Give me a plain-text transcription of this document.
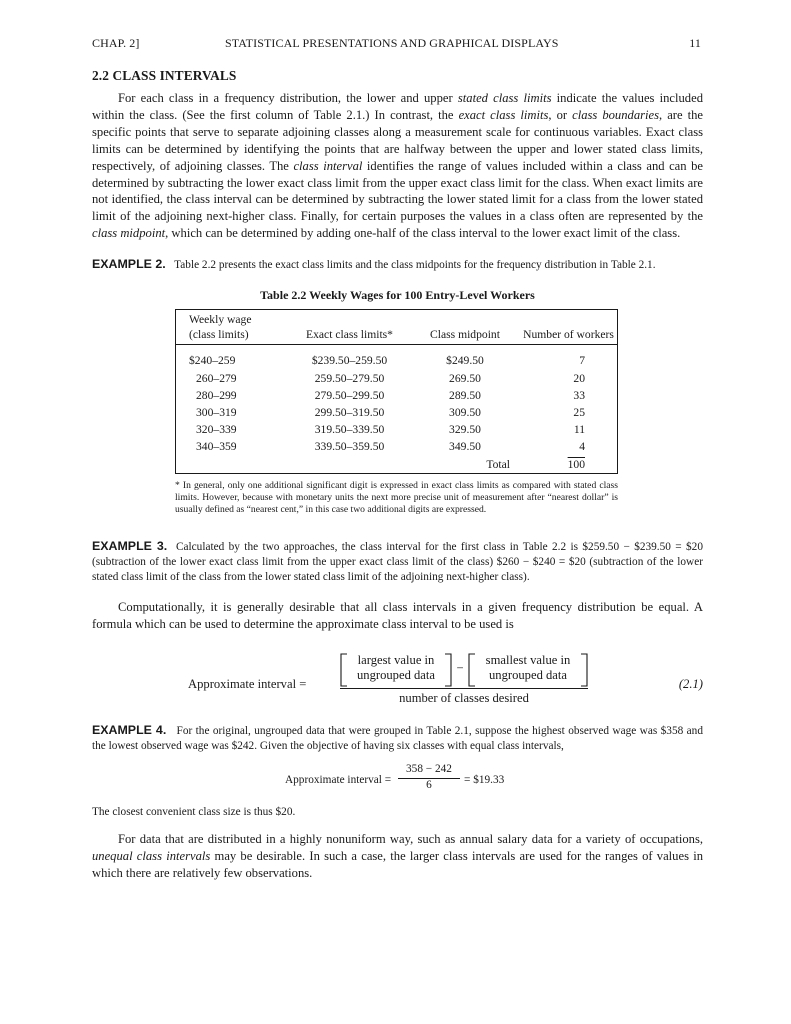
CHAP. 2]	STATISTICAL PRESENTATIONS AND GRAPHICAL DISPLAYS	11
2.2 CLASS INTERVALS

For each class in a frequency distribution, the lower and upper stated class limits indicate the values included within the class. (See the first column of Table 2.1.) In contrast, the exact class limits, or class boundaries, are the specific points that serve to separate adjoining classes along a measurement scale for continuous variables. Exact class limits can be determined by identifying the points that are halfway between the upper and lower stated class limits, respectively, of adjoining classes. The class interval identifies the range of values included within a class and can be determined by subtracting the lower exact class limit from the upper exact class limit for the class. When exact limits are not identified, the class interval can be determined by subtracting the lower stated limit for a class from the lower stated limit of the adjoining next-higher class. Finally, for certain purposes the values in a class often are represented by the class midpoint, which can be determined by adding one-half of the class interval to the lower exact limit of the class.

EXAMPLE 2. Table 2.2 presents the exact class limits and the class midpoints for the frequency distribution in Table 2.1.

Table 2.2 Weekly Wages for 100 Entry-Level Workers
Weekly wage
(class limits)	Exact class limits*	Class midpoint	Number of workers

$240–259	$239.50–259.50	$249.50	7
260–279	259.50–279.50	269.50	20
280–299	279.50–299.50	289.50	33
300–319	299.50–319.50	309.50	25
320–339	319.50–339.50	329.50	11
340–359	339.50–359.50	349.50	4
		Total	100
* In general, only one additional significant digit is expressed in exact class limits as compared with stated class limits. However, because with monetary units the next more precise unit of measurement after “nearest dollar” is usually defined as “nearest cent,” in this case two additional digits are expressed.

EXAMPLE 3. Calculated by the two approaches, the class interval for the first class in Table 2.2 is $259.50 − $239.50 = $20 (subtraction of the lower exact class limit from the upper exact class limit of the class) $260 − $240 = $20 (subtraction of the lower stated class limit of the class from the lower stated class limit of the adjoining next-higher class).

Computationally, it is generally desirable that all class intervals in a given frequency distribution be equal. A formula which can be used to determine the approximate class interval to be used is

Approximate interval =
largest value in
ungrouped data	−
smallest value in
ungrouped data
number of classes desired
(2.1)

EXAMPLE 4. For the original, ungrouped data that were grouped in Table 2.1, suppose the highest observed wage was $358 and the lowest observed wage was $242. Given the objective of having six classes with equal class intervals,

Approximate interval =
358 − 242
6	= $19.33

The closest convenient class size is thus $20.

For data that are distributed in a highly nonuniform way, such as annual salary data for a variety of occupations, unequal class intervals may be desirable. In such a case, the larger class intervals are used for the ranges of values in which there are relatively few observations.
